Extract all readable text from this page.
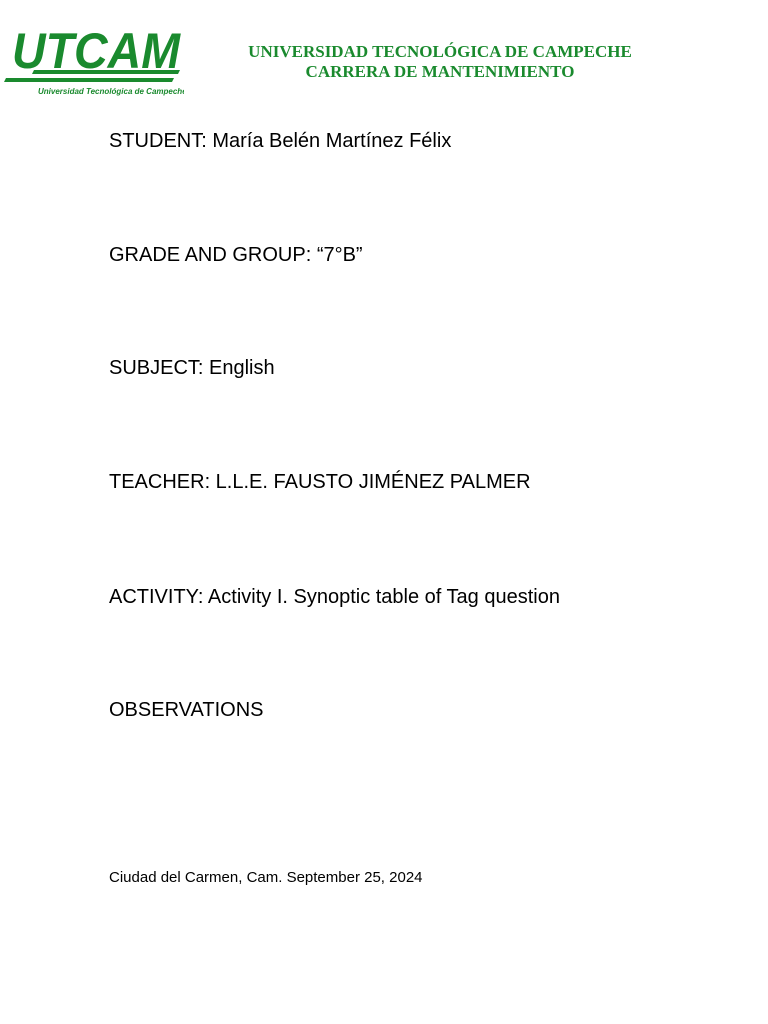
UTCAM
Universidad Tecnológica de Campeche
UNIVERSIDAD TECNOLÓGICA DE CAMPECHE
CARRERA DE MANTENIMIENTO
STUDENT: María Belén Martínez Félix
GRADE AND GROUP: “7°B”
SUBJECT: English
TEACHER: L.L.E. FAUSTO JIMÉNEZ PALMER
ACTIVITY: Activity I. Synoptic table of Tag question
OBSERVATIONS
Ciudad del Carmen, Cam. September 25, 2024
